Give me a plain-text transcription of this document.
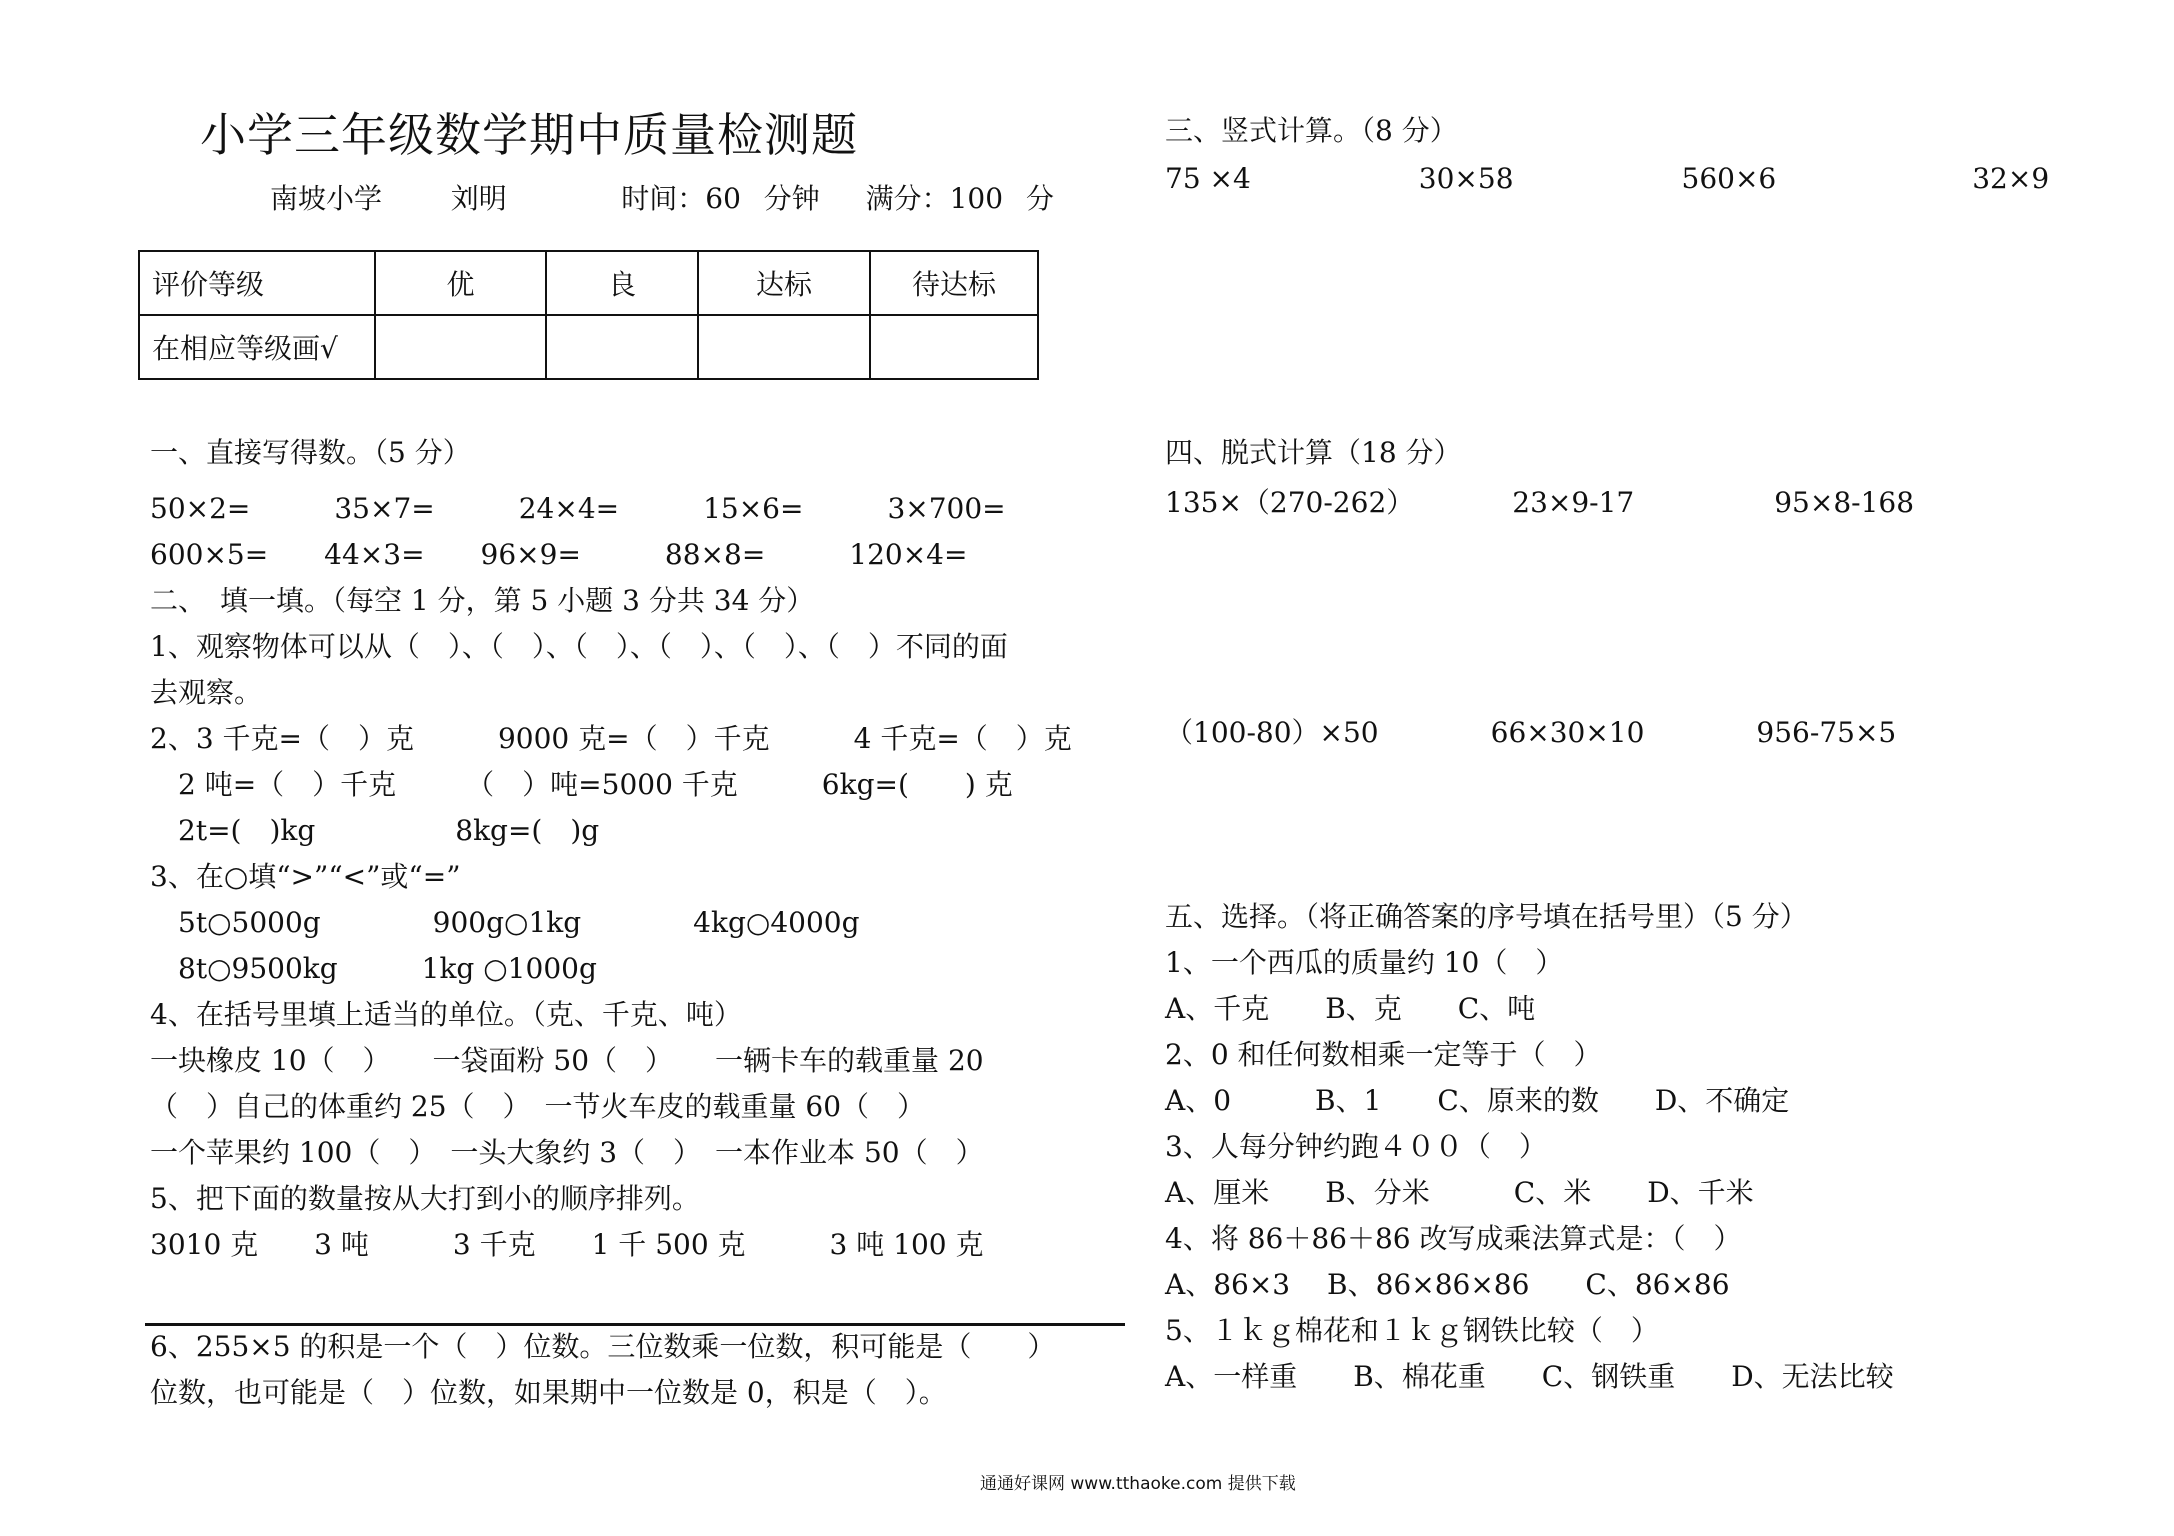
小学三年级数学期中质量检测题
南坡小学 刘明	时间：60 分钟 满分：100 分
评价等级	优	良	达标	待达标
在相应等级画√				
一、直接写得数。（5 分）
50×2=　　　35×7=　　　24×4=　　　15×6=　　　3×700=
600×5=　　44×3=　　96×9=　　　88×8=　　　120×4=
二、　填一填。（每空 1 分，第 5 小题 3 分共 34 分）
1、观察物体可以从（　）、（　）、（　）、（　）、（　）、（　）不同的面
去观察。
2、3 千克=（　）克　　　9000 克=（　）千克　　　4 千克=（　）克
　2 吨=（　）千克　　　（　）吨=5000 千克　　　6kg=(　　) 克
　2t=(　)kg　　　　　8kg=(　)g
3、在○填“>”“<”或“=”
　5t○5000g　　　　900g○1kg　　　　4kg○4000g
　8t○9500kg　　　1kg ○1000g
4、在括号里填上适当的单位。（克、千克、吨）
一块橡皮 10（　）　　一袋面粉 50（　）　　一辆卡车的载重量 20
（　）自己的体重约 25（　）　一节火车皮的载重量 60（　）
一个苹果约 100（　）　一头大象约 3（　）　一本作业本 50（　）
5、把下面的数量按从大打到小的顺序排列。
3010 克　　3 吨　　　3 千克　　1 千 500 克　　　3 吨 100 克
6、255×5 的积是一个（　）位数。三位数乘一位数，积可能是（　　）
位数，也可能是（　）位数，如果期中一位数是 0，积是（　）。
三、竖式计算。（8 分）
75 ×4　　　　　　30×58　　　　　　560×6　　　　　　　32×9
四、脱式计算（18 分）
135×（270-262）　　　　23×9-17　　　　　95×8-168
（100-80）×50　　　　66×30×10　　　　956-75×5
五、选择。（将正确答案的序号填在括号里）（5 分）
1、一个西瓜的质量约 10（　）
A、千克　　B、克　　C、吨
2、0 和任何数相乘一定等于（　）
A、0　　　B、1　　C、原来的数　　D、不确定
3、人每分钟约跑４００（　）
A、厘米　　B、分米　　　C、米　　D、千米
4、将 86＋86＋86 改写成乘法算式是：（　）
A、86×3　 B、86×86×86　　C、86×86
5、１ｋｇ棉花和１ｋｇ钢铁比较（　）
A、一样重　　B、棉花重　　C、钢铁重　　D、无法比较
通通好课网 www.tthaoke.com 提供下载
